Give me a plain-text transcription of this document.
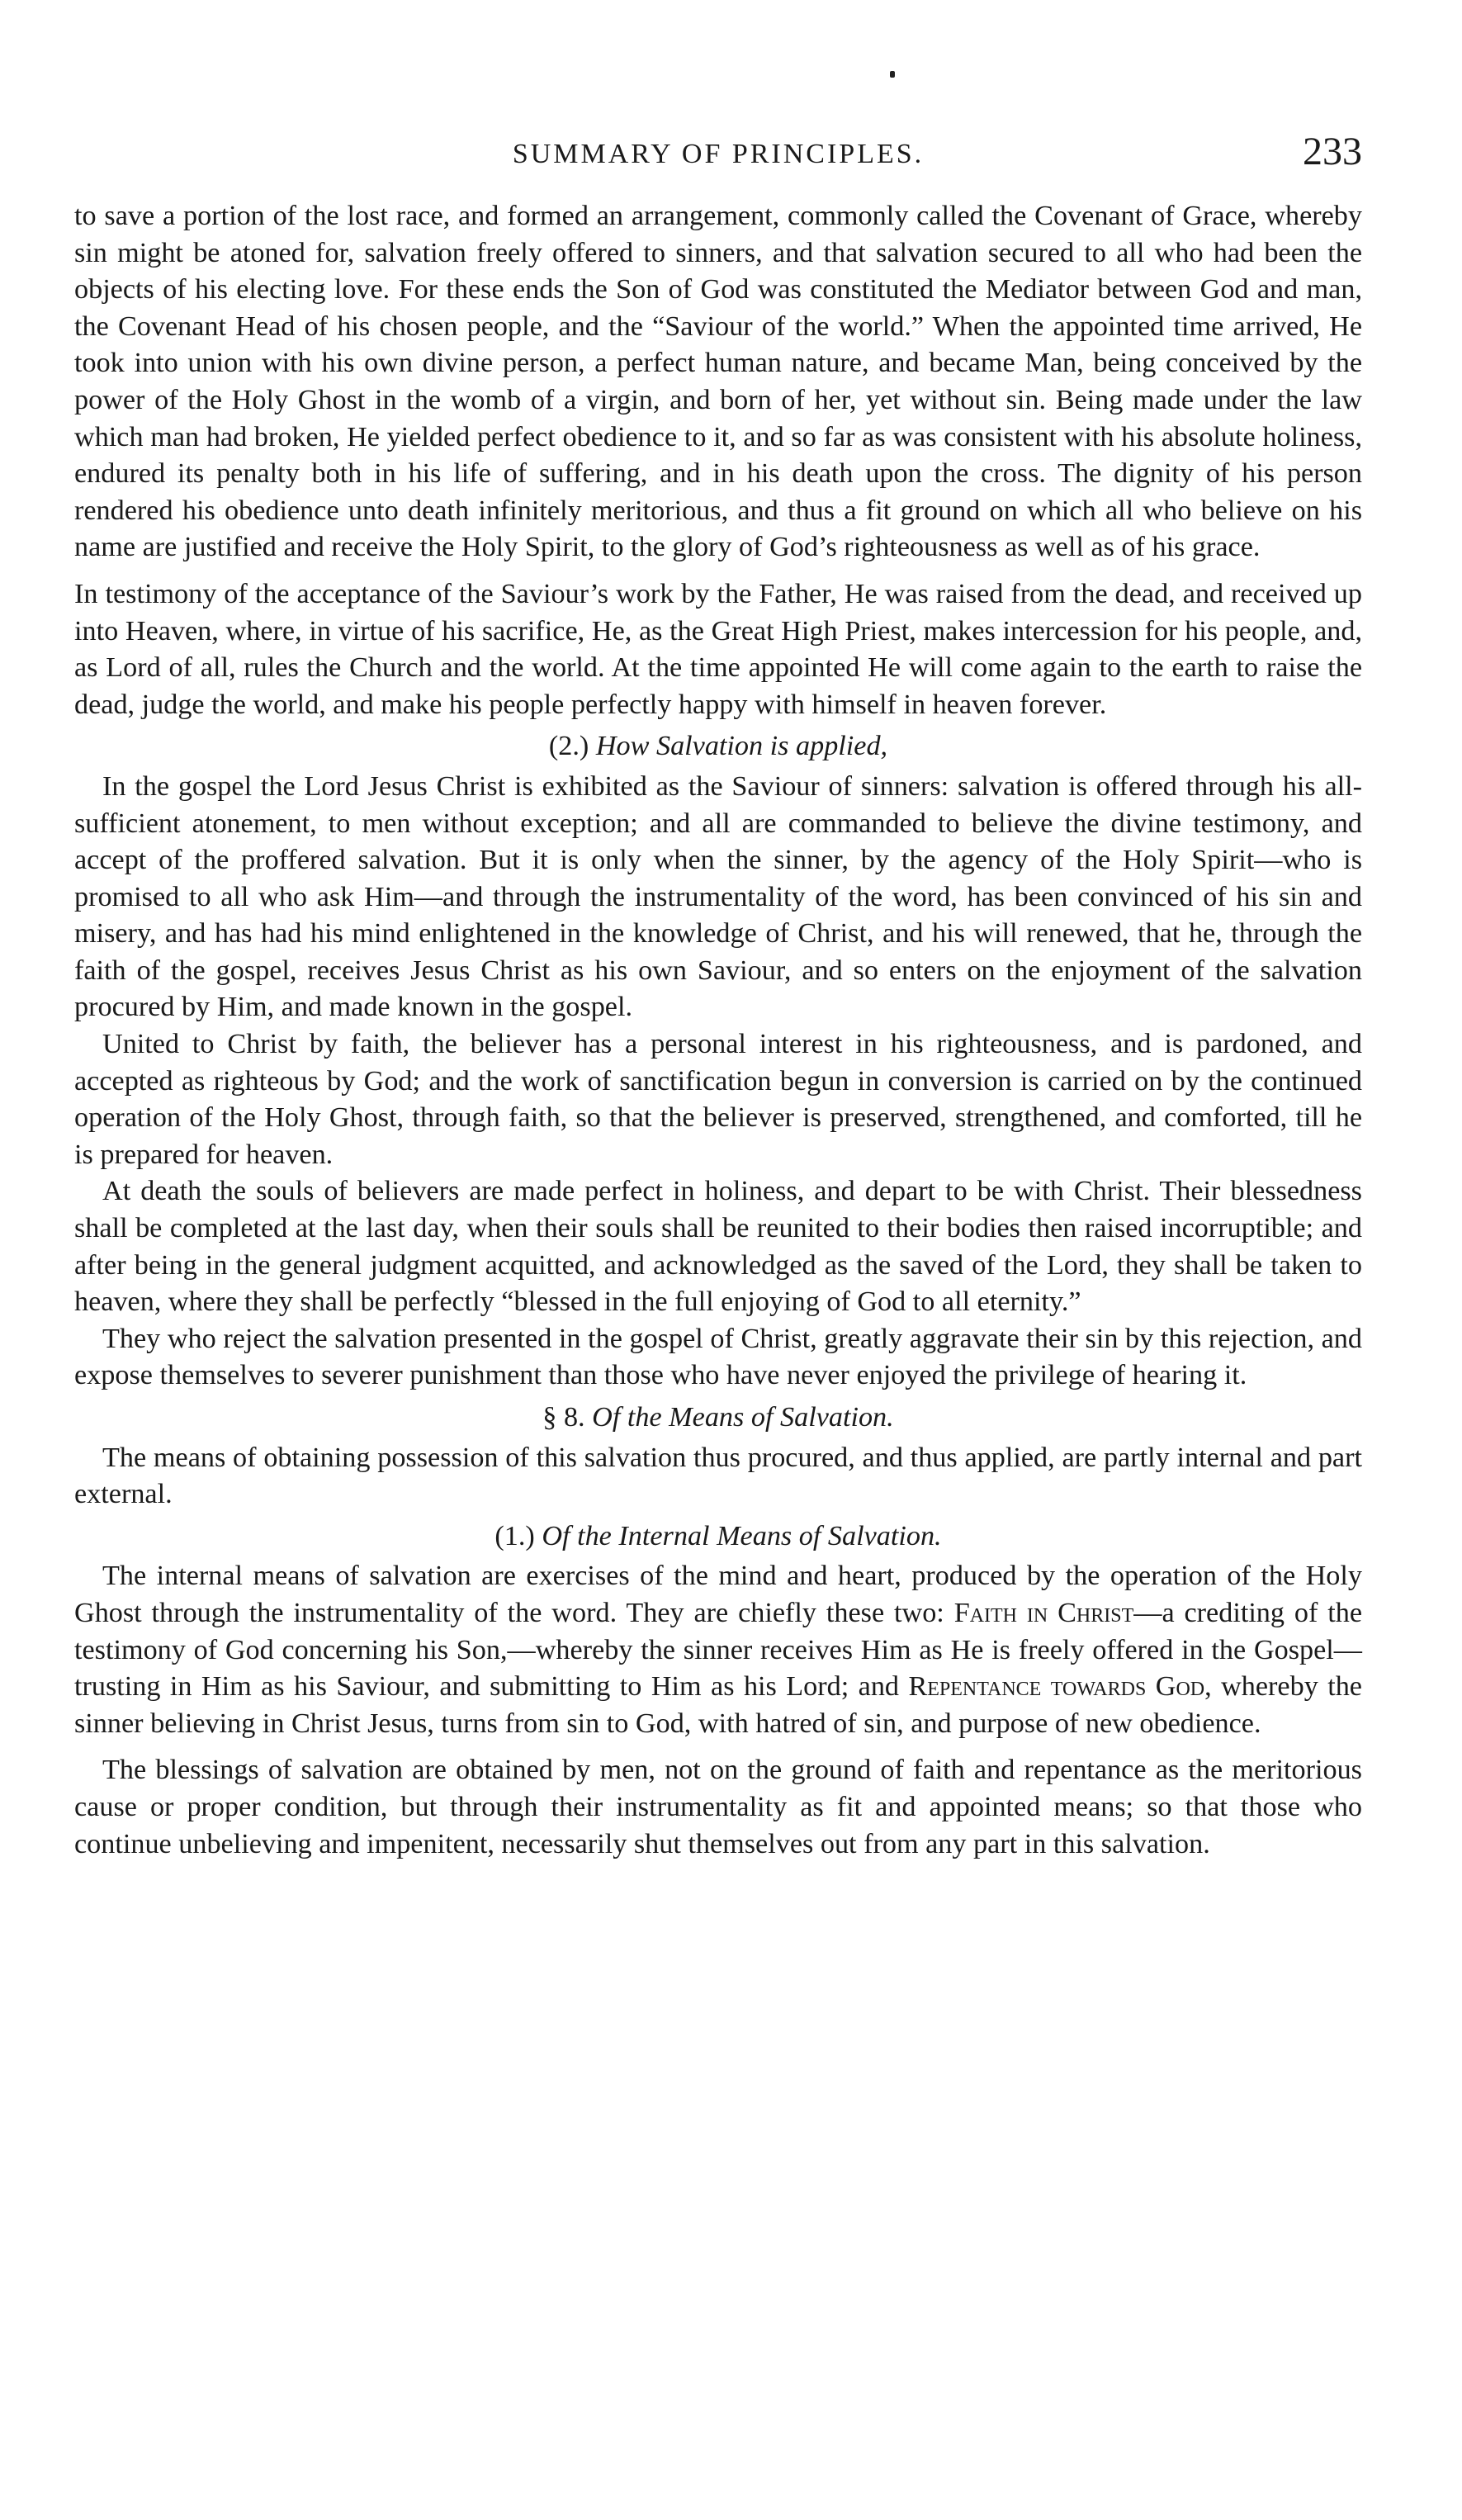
SUMMARY OF PRINCIPLES.	233

to save a portion of the lost race, and formed an arrangement, commonly called the Covenant of Grace, whereby sin might be atoned for, salvation freely offered to sinners, and that salvation secured to all who had been the objects of his electing love. For these ends the Son of God was constituted the Mediator between God and man, the Covenant Head of his chosen people, and the “Saviour of the world.” When the appointed time arrived, He took into union with his own divine person, a perfect human nature, and became Man, being conceived by the power of the Holy Ghost in the womb of a virgin, and born of her, yet without sin. Being made under the law which man had broken, He yielded perfect obedience to it, and so far as was consistent with his absolute holiness, endured its penalty both in his life of suffering, and in his death upon the cross. The dignity of his person rendered his obedience unto death infinitely meritorious, and thus a fit ground on which all who believe on his name are justified and receive the Holy Spirit, to the glory of God’s righteousness as well as of his grace.

In testimony of the acceptance of the Saviour’s work by the Father, He was raised from the dead, and received up into Heaven, where, in virtue of his sacrifice, He, as the Great High Priest, makes intercession for his people, and, as Lord of all, rules the Church and the world. At the time appointed He will come again to the earth to raise the dead, judge the world, and make his people perfectly happy with himself in heaven forever.

(2.) How Salvation is applied,

In the gospel the Lord Jesus Christ is exhibited as the Saviour of sinners: salvation is offered through his all-sufficient atonement, to men without exception; and all are commanded to believe the divine testimony, and accept of the proffered salvation. But it is only when the sinner, by the agency of the Holy Spirit—who is promised to all who ask Him—and through the instrumentality of the word, has been convinced of his sin and misery, and has had his mind enlightened in the knowledge of Christ, and his will renewed, that he, through the faith of the gospel, receives Jesus Christ as his own Saviour, and so enters on the enjoyment of the salvation procured by Him, and made known in the gospel.

United to Christ by faith, the believer has a personal interest in his righteousness, and is pardoned, and accepted as righteous by God; and the work of sanctification begun in conversion is carried on by the continued operation of the Holy Ghost, through faith, so that the believer is preserved, strengthened, and comforted, till he is prepared for heaven.

At death the souls of believers are made perfect in holiness, and depart to be with Christ. Their blessedness shall be completed at the last day, when their souls shall be reunited to their bodies then raised incorruptible; and after being in the general judgment acquitted, and acknowledged as the saved of the Lord, they shall be taken to heaven, where they shall be perfectly “blessed in the full enjoying of God to all eternity.”

They who reject the salvation presented in the gospel of Christ, greatly aggravate their sin by this rejection, and expose themselves to severer punishment than those who have never enjoyed the privilege of hearing it.

§ 8. Of the Means of Salvation.

The means of obtaining possession of this salvation thus procured, and thus applied, are partly internal and part external.

(1.) Of the Internal Means of Salvation.

The internal means of salvation are exercises of the mind and heart, produced by the operation of the Holy Ghost through the instrumentality of the word. They are chiefly these two: Faith in Christ—a crediting of the testimony of God concerning his Son,—whereby the sinner receives Him as He is freely offered in the Gospel—trusting in Him as his Saviour, and submitting to Him as his Lord; and Repentance towards God, whereby the sinner believing in Christ Jesus, turns from sin to God, with hatred of sin, and purpose of new obedience.

The blessings of salvation are obtained by men, not on the ground of faith and repentance as the meritorious cause or proper condition, but through their instrumentality as fit and appointed means; so that those who continue unbelieving and impenitent, necessarily shut themselves out from any part in this salvation.
